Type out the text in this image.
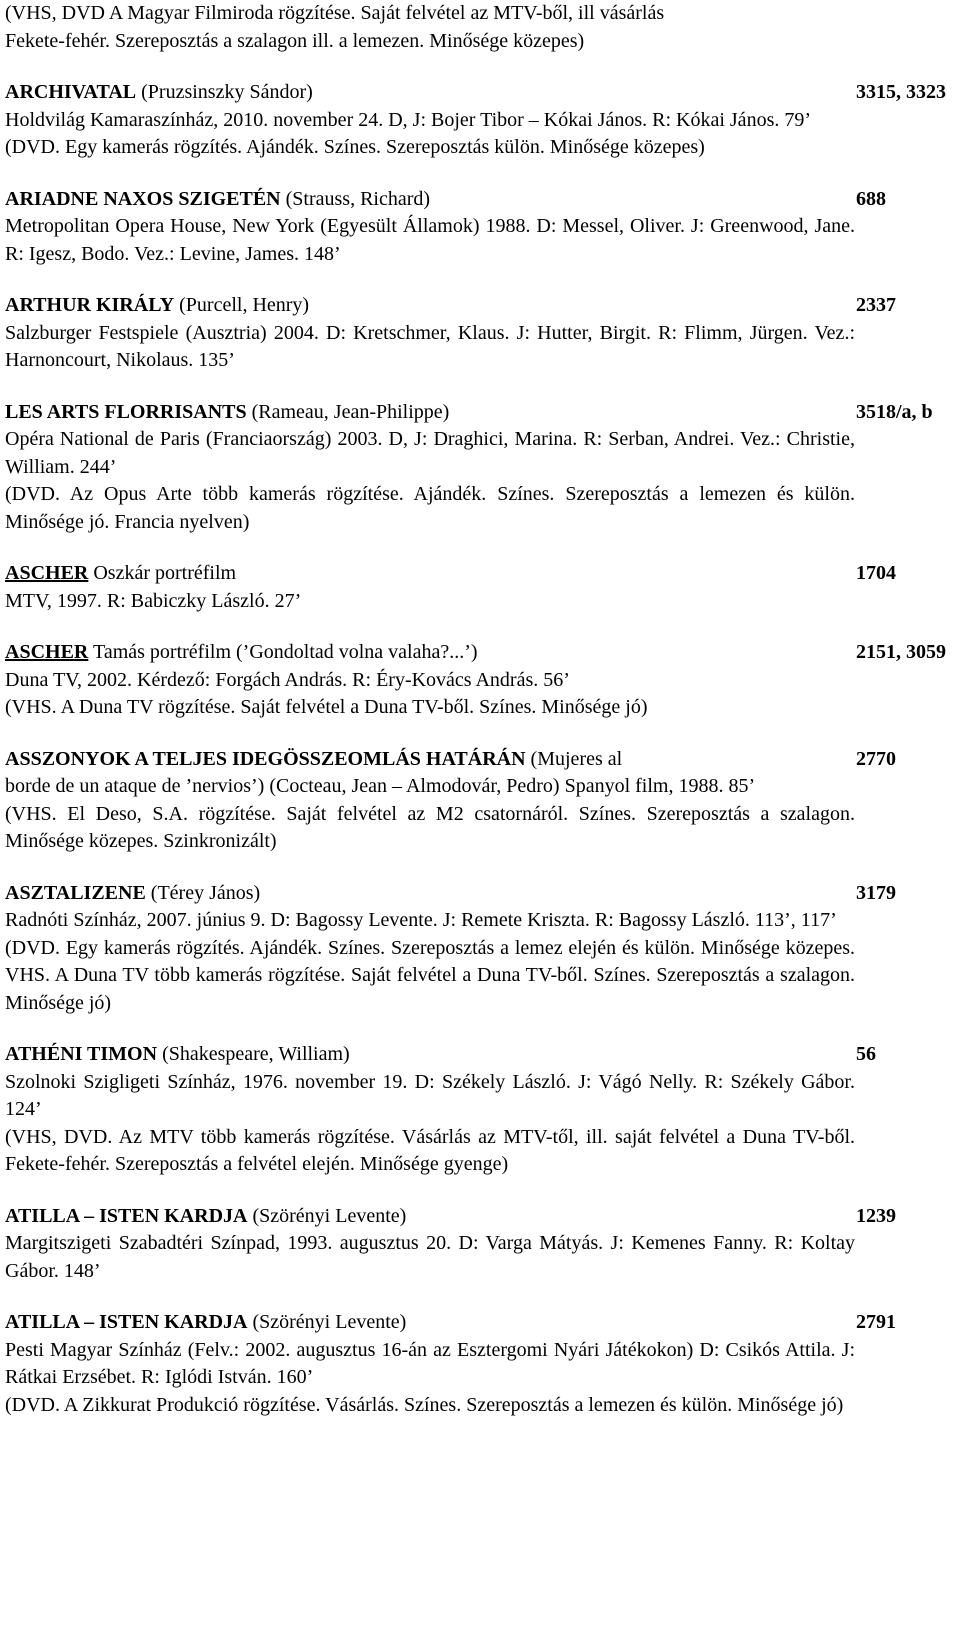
(VHS, DVD A Magyar Filmiroda rögzítése. Saját felvétel az MTV-ből, ill vásárlás

Fekete-fehér. Szereposztás a szalagon ill. a lemezen. Minősége közepes)

ARCHIVATAL (Pruzsinszky Sándor)	3315, 3323

Holdvilág Kamaraszínház, 2010. november 24. D, J: Bojer Tibor – Kókai János. R: Kókai János. 79’

(DVD. Egy kamerás rögzítés. Ajándék. Színes. Szereposztás külön. Minősége közepes)

ARIADNE NAXOS SZIGETÉN (Strauss, Richard)	688

Metropolitan Opera House, New York (Egyesült Államok) 1988. D: Messel, Oliver. J: Greenwood, Jane. R: Igesz, Bodo. Vez.: Levine, James. 148’

ARTHUR KIRÁLY (Purcell, Henry)	2337

Salzburger Festspiele (Ausztria) 2004. D: Kretschmer, Klaus. J: Hutter, Birgit. R: Flimm, Jürgen. Vez.: Harnoncourt, Nikolaus. 135’

LES ARTS FLORRISANTS (Rameau, Jean-Philippe)	3518/a, b

Opéra National de Paris (Franciaország) 2003. D, J: Draghici, Marina. R: Serban, Andrei. Vez.: Christie, William. 244’

(DVD. Az Opus Arte több kamerás rögzítése. Ajándék. Színes. Szereposztás a lemezen és külön. Minősége jó. Francia nyelven)

ASCHER Oszkár portréfilm	1704

MTV, 1997. R: Babiczky László. 27’

ASCHER Tamás portréfilm (’Gondoltad volna valaha?...’)	2151, 3059

Duna TV, 2002. Kérdező: Forgách András. R: Éry-Kovács András. 56’

(VHS. A Duna TV rögzítése. Saját felvétel a Duna TV-ből. Színes. Minősége jó)

ASSZONYOK A TELJES IDEGÖSSZEOMLÁS HATÁRÁN (Mujeres al	2770

borde de un ataque de ’nervios’) (Cocteau, Jean – Almodovár, Pedro) Spanyol film, 1988. 85’

(VHS. El Deso, S.A. rögzítése. Saját felvétel az M2 csatornáról. Színes. Szereposztás a szalagon. Minősége közepes. Szinkronizált)

ASZTALIZENE (Térey János)	3179

Radnóti Színház, 2007. június 9. D: Bagossy Levente. J: Remete Kriszta. R: Bagossy László. 113’, 117’

(DVD. Egy kamerás rögzítés. Ajándék. Színes. Szereposztás a lemez elején és külön. Minősége közepes. VHS. A Duna TV több kamerás rögzítése. Saját felvétel a Duna TV-ből. Színes. Szereposztás a szalagon. Minősége jó)

ATHÉNI TIMON (Shakespeare, William)	56

Szolnoki Szigligeti Színház, 1976. november 19. D: Székely László. J: Vágó Nelly. R: Székely Gábor. 124’

(VHS, DVD. Az MTV több kamerás rögzítése. Vásárlás az MTV-től, ill. saját felvétel a Duna TV-ből. Fekete-fehér. Szereposztás a felvétel elején. Minősége gyenge)

ATILLA – ISTEN KARDJA (Szörényi Levente)	1239

Margitszigeti Szabadtéri Színpad, 1993. augusztus 20. D: Varga Mátyás. J: Kemenes Fanny. R: Koltay Gábor. 148’

ATILLA – ISTEN KARDJA (Szörényi Levente)	2791

Pesti Magyar Színház (Felv.: 2002. augusztus 16-án az Esztergomi Nyári Játékokon) D: Csikós Attila. J: Rátkai Erzsébet. R: Iglódi István. 160’

(DVD. A Zikkurat Produkció rögzítése. Vásárlás. Színes. Szereposztás a lemezen és külön. Minősége jó)
